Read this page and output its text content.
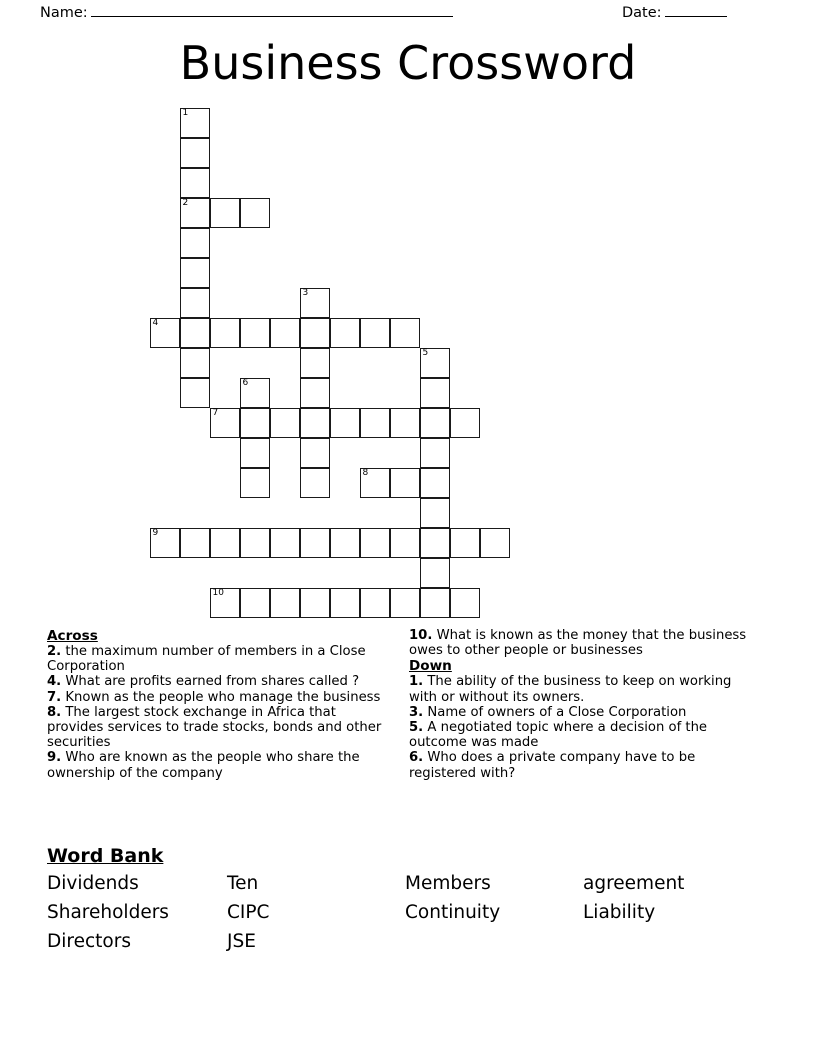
Name:	Date:
Business Crossword
1
2
3
4
5
6
7
8
9
10
Across
2. the maximum number of members in a Close Corporation
4. What are profits earned from shares called ?
7. Known as the people who manage the business
8. The largest stock exchange in Africa that provides services to trade stocks, bonds and other securities
9. Who are known as the people who share the ownership of the company
10. What is known as the money that the business owes to other people or businesses
Down
1. The ability of the business to keep on working with or without its owners.
3. Name of owners of a Close Corporation
5. A negotiated topic where a decision of the outcome was made
6. Who does a private company have to be registered with?
Word Bank
Dividends	Ten	Members	agreement
Shareholders	CIPC	Continuity	Liability
Directors	JSE
